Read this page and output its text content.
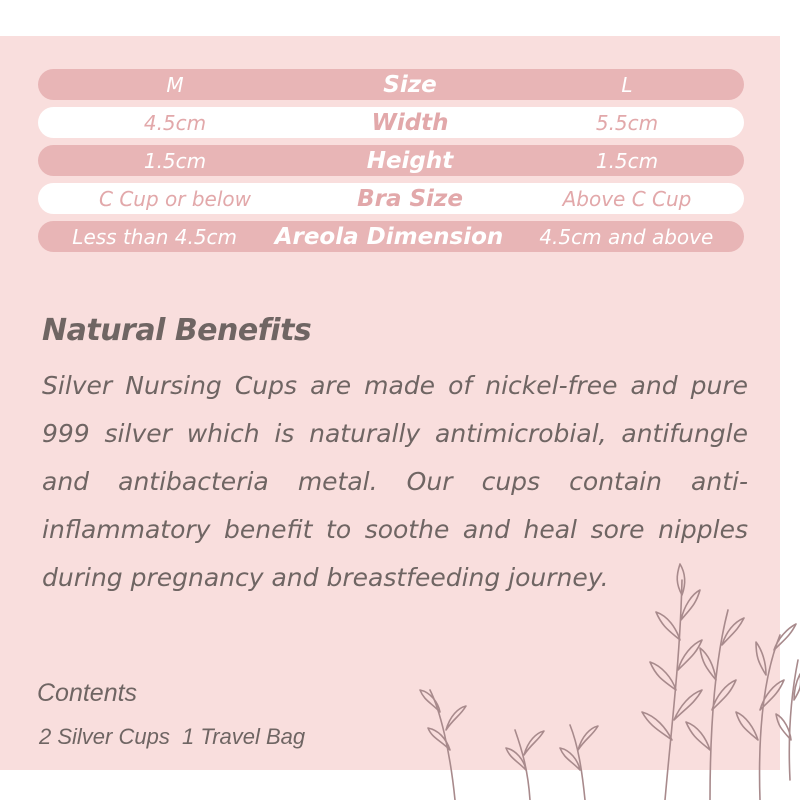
M	Size	L
4.5cm	Width	5.5cm
1.5cm	Height	1.5cm
C Cup or below	Bra Size	Above C Cup
Less than 4.5cm	Areola Dimension	4.5cm and above
Natural Benefits
Silver Nursing Cups are made of nickel-free and pure 999 silver which is naturally antimicrobial, antifungle and antibacteria metal. Our cups contain anti-inflammatory benefit to soothe and heal sore nipples during pregnancy and breastfeeding journey.
Contents
2 Silver Cups  1 Travel Bag
